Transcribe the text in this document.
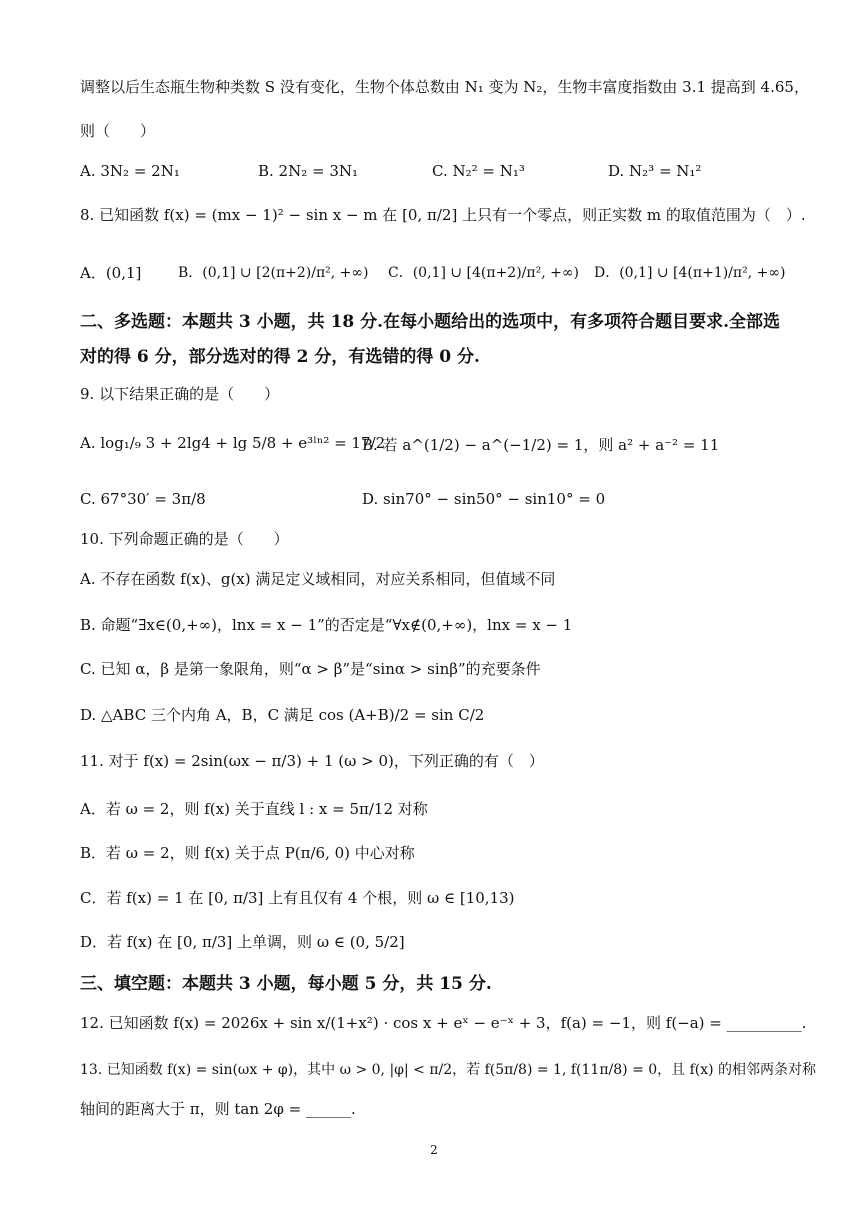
调整以后生态瓶生物种类数 S 没有变化，生物个体总数由 N₁ 变为 N₂，生物丰富度指数由 3.1 提高到 4.65，
则（　　）
A. 3N₂ = 2N₁	B. 2N₂ = 3N₁	C. N₂² = N₁³	D. N₂³ = N₁²
8. 已知函数 f(x) = (mx − 1)² − sin x − m 在 [0, π/2] 上只有一个零点，则正实数 m 的取值范围为（　）.
A．(0,1]	B．(0,1] ∪ [2(π+2)/π², +∞) C．(0,1] ∪ [4(π+2)/π², +∞) D．(0,1] ∪ [4(π+1)/π², +∞)
二、多选题：本题共 3 小题，共 18 分.在每小题给出的选项中，有多项符合题目要求.全部选
对的得 6 分，部分选对的得 2 分，有选错的得 0 分.
9. 以下结果正确的是（　　）
A. log₁/₉ 3 + 2lg4 + lg 5/8 + e³ˡⁿ² = 17/2
B. 若 a^(1/2) − a^(−1/2) = 1，则 a² + a⁻² = 11
C. 67°30′ = 3π/8	D. sin70° − sin50° − sin10° = 0
10. 下列命题正确的是（　　）
A. 不存在函数 f(x)、g(x) 满足定义域相同，对应关系相同，但值域不同
B. 命题“∃x∈(0,+∞)，lnx = x − 1”的否定是“∀x∉(0,+∞)，lnx = x − 1
C. 已知 α，β 是第一象限角，则“α > β”是“sinα > sinβ”的充要条件
D. △ABC 三个内角 A，B，C 满足 cos (A+B)/2 = sin C/2
11. 对于 f(x) = 2sin(ωx − π/3) + 1 (ω > 0)，下列正确的有（　）
A．若 ω = 2，则 f(x) 关于直线 l : x = 5π/12 对称
B．若 ω = 2，则 f(x) 关于点 P(π/6, 0) 中心对称
C．若 f(x) = 1 在 [0, π/3] 上有且仅有 4 个根，则 ω ∈ [10,13)
D．若 f(x) 在 [0, π/3] 上单调，则 ω ∈ (0, 5/2]
三、填空题：本题共 3 小题，每小题 5 分，共 15 分.
12. 已知函数 f(x) = 2026x + sin x/(1+x²) · cos x + eˣ − e⁻ˣ + 3，f(a) = −1，则 f(−a) = __________.
13. 已知函数 f(x) = sin(ωx + φ)，其中 ω > 0, |φ| < π/2，若 f(5π/8) = 1, f(11π/8) = 0，且 f(x) 的相邻两条对称
轴间的距离大于 π，则 tan 2φ = ______.
2
